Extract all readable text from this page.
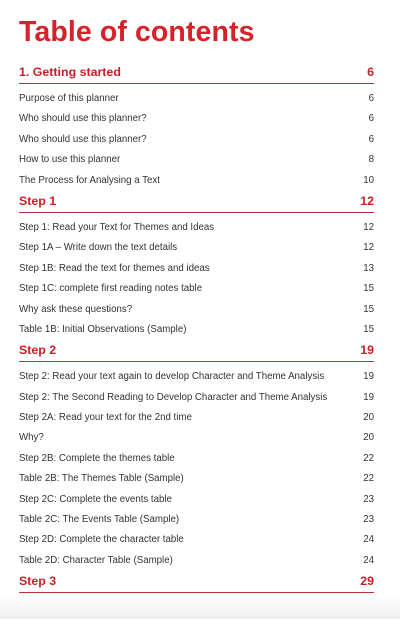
Table of contents
1. Getting started	6
Purpose of this planner	6
Who should use this planner?	6
Who should use this planner?	6
How to use this planner	8
The Process for Analysing a Text	10
Step 1	12
Step 1: Read your Text for Themes and Ideas	12
Step 1A – Write down the text details	12
Step 1B: Read the text for themes and ideas	13
Step 1C: complete first reading notes table	15
Why ask these questions?	15
Table 1B: Initial Observations (Sample)	15
Step 2	19
Step 2: Read your text again to develop Character and Theme Analysis	19
Step 2: The Second Reading to Develop Character and Theme Analysis	19
Step 2A: Read your text for the 2nd time	20
Why?	20
Step 2B: Complete the themes table	22
Table 2B: The Themes Table (Sample)	22
Step 2C: Complete the events table	23
Table 2C: The Events Table (Sample)	23
Step 2D: Complete the character table	24
Table 2D: Character Table (Sample)	24
Step 3	29
